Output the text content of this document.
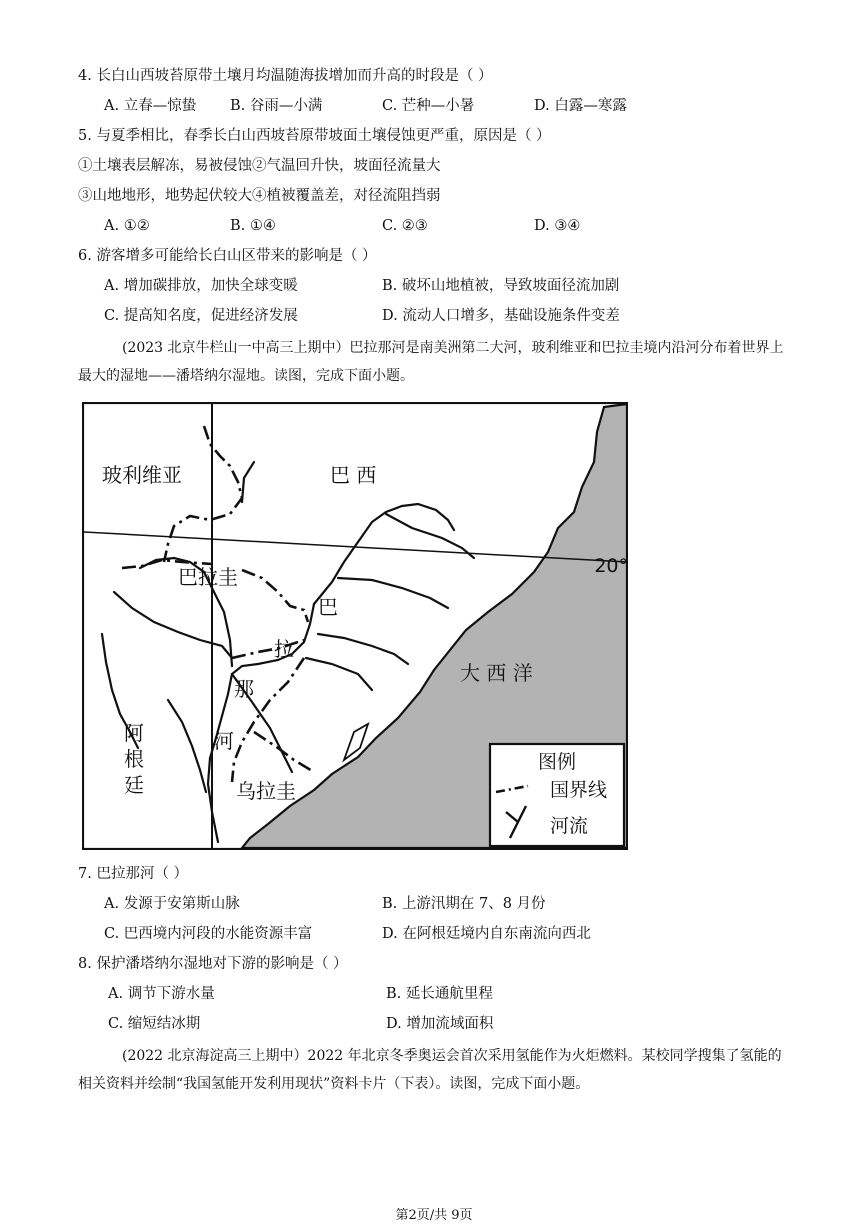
4. 长白山西坡苔原带土壤月均温随海拔增加而升高的时段是（ ）
A. 立春—惊蛰 B. 谷雨—小满	C. 芒种—小暑	D. 白露—寒露
5. 与夏季相比，春季长白山西坡苔原带坡面土壤侵蚀更严重，原因是（ ）
①土壤表层解冻，易被侵蚀②气温回升快，坡面径流量大
③山地地形，地势起伏较大④植被覆盖差，对径流阻挡弱
A. ①②	B. ①④	C. ②③	D. ③④
6. 游客增多可能给长白山区带来的影响是（ ）
A. 增加碳排放，加快全球变暖	B. 破坏山地植被，导致坡面径流加剧
C. 提高知名度，促进经济发展	D. 流动人口增多，基础设施条件变差
(2023 北京牛栏山一中高三上期中）巴拉那河是南美洲第二大河，玻利维亚和巴拉圭境内沿河分布着世界上最大的湿地——潘塔纳尔湿地。读图，完成下面小题。
玻利维亚	巴 西
巴拉圭
巴
拉
那
河
大 西 洋
乌拉圭
阿
根
廷
20°
图例
国界线
河流
7. 巴拉那河（ ）
A. 发源于安第斯山脉	B. 上游汛期在 7、8 月份
C. 巴西境内河段的水能资源丰富	D. 在阿根廷境内自东南流向西北
8. 保护潘塔纳尔湿地对下游的影响是（ ）
A. 调节下游水量	B. 延长通航里程
C. 缩短结冰期	D. 增加流域面积
(2022 北京海淀高三上期中）2022 年北京冬季奥运会首次采用氢能作为火炬燃料。某校同学搜集了氢能的相关资料并绘制“我国氢能开发利用现状”资料卡片（下表）。读图，完成下面小题。
第2页/共 9页
